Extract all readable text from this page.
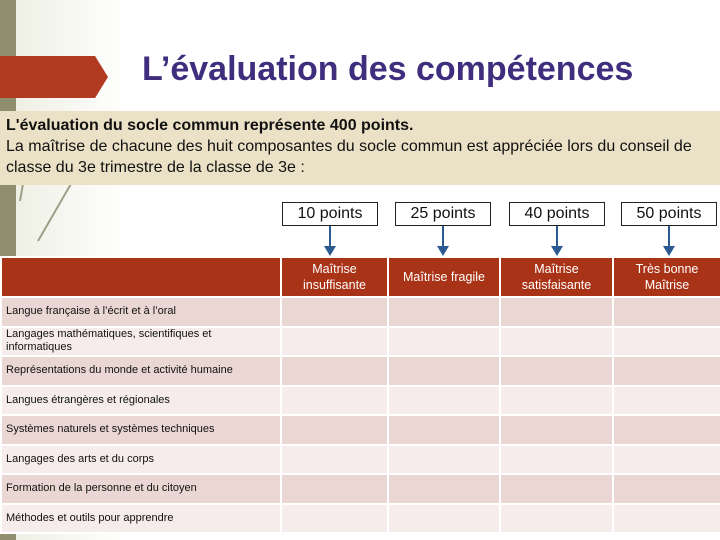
L’évaluation des compétences
L'évaluation du socle commun représente 400 points.
La maîtrise de chacune des huit composantes du socle commun est appréciée lors du conseil de classe du 3e trimestre de la classe de 3e :
10 points	25 points	40 points	50 points
	Maîtrise insuffisante	Maîtrise fragile	Maîtrise satisfaisante	Très bonne Maîtrise
Langue française à l’écrit et à l’oral				
Langages mathématiques, scientifiques et informatiques				
Représentations du monde et activité humaine				
Langues étrangères et régionales				
Systèmes naturels et systèmes techniques				
Langages des arts et du corps				
Formation de la personne et du citoyen				
Méthodes et outils pour apprendre				
